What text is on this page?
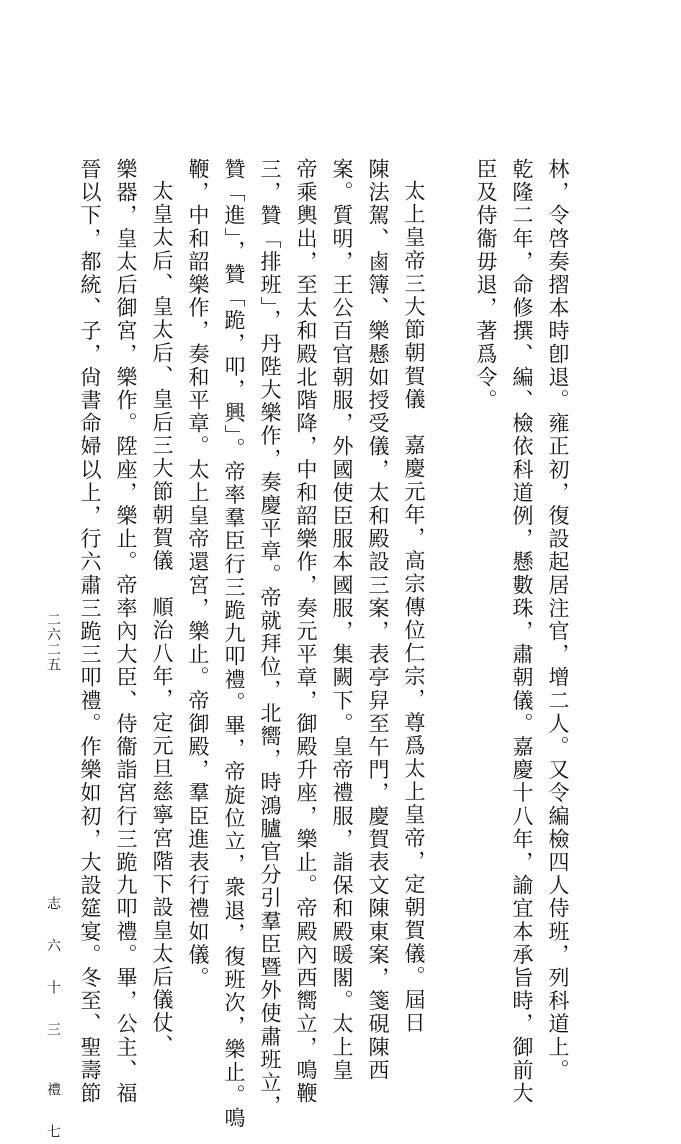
林，令啓奏摺本時卽退。雍正初，復設起居注官，增二人。又令編檢四人侍班，列科道上。
乾隆二年，命修撰、編、檢依科道例，懸數珠，肅朝儀。嘉慶十八年，諭宜本承旨時，御前大
臣及侍衞毋退，著爲令。
太上皇帝三大節朝賀儀　嘉慶元年，高宗傳位仁宗，尊爲太上皇帝，定朝賀儀。屆日
陳法駕、鹵簿、樂懸如授受儀，太和殿設三案，表亭舁至午門，慶賀表文陳東案，箋硯陳西
案。質明，王公百官朝服，外國使臣服本國服，集闕下。皇帝禮服，詣保和殿暖閣。太上皇
帝乘輿出，至太和殿北階降，中和韶樂作，奏元平章，御殿升座，樂止。帝殿內西嚮立，鳴鞭
三，贊「排班」，丹陛大樂作，奏慶平章。帝就拜位，北嚮，時鴻臚官分引羣臣暨外使肅班立，
贊「進」，贊「跪，叩，興」。帝率羣臣行三跪九叩禮。畢，帝旋位立，衆退，復班次，樂止。鳴
鞭，中和韶樂作，奏和平章。太上皇帝還宮，樂止。帝御殿，羣臣進表行禮如儀。
太皇太后、皇太后、皇后三大節朝賀儀　順治八年，定元旦慈寧宮階下設皇太后儀仗、
樂器，皇太后御宮，樂作。陞座，樂止。帝率內大臣、侍衞詣宮行三跪九叩禮。畢，公主、福
晉以下，都統、子，尙書命婦以上，行六肅三跪三叩禮。作樂如初，大設筵宴。冬至、聖壽節
志 六 十 三　　禮 七
二六二五
